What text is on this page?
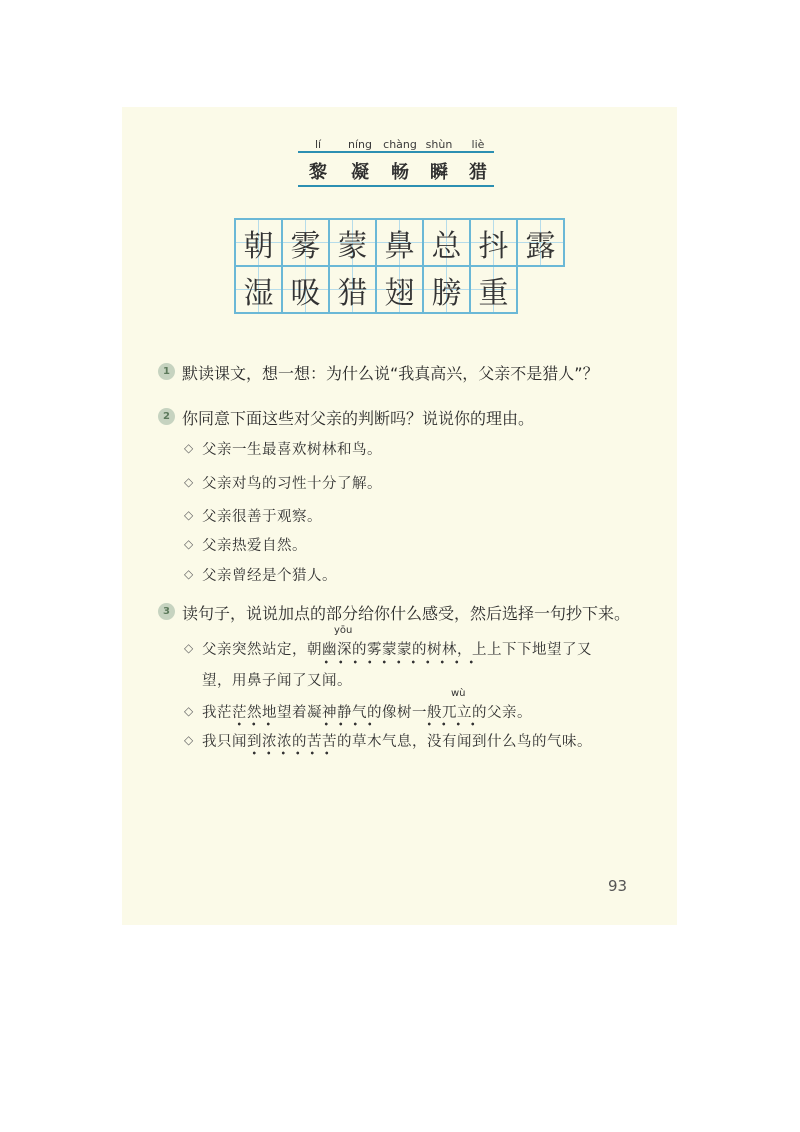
lí níng chàng shùn liè
黎 凝 畅 瞬 猎
朝 雾 蒙 鼻 总 抖 露
湿 吸 猎 翅 膀 重
1 默读课文，想一想：为什么说“我真高兴，父亲不是猎人”？
2 你同意下面这些对父亲的判断吗？说说你的理由。
◇ 父亲一生最喜欢树林和鸟。
◇ 父亲对鸟的习性十分了解。
◇ 父亲很善于观察。
◇ 父亲热爱自然。
◇ 父亲曾经是个猎人。
3 读句子，说说加点的部分给你什么感受，然后选择一句抄下来。
yōu
◇ 父亲突然站定，朝幽深的雾蒙蒙的树林，上上下下地望了又
望，用鼻子闻了又闻。
wù
◇ 我茫茫然地望着凝神静气的像树一般兀立的父亲。
◇ 我只闻到浓浓的苦苦的草木气息，没有闻到什么鸟的气味。
93
